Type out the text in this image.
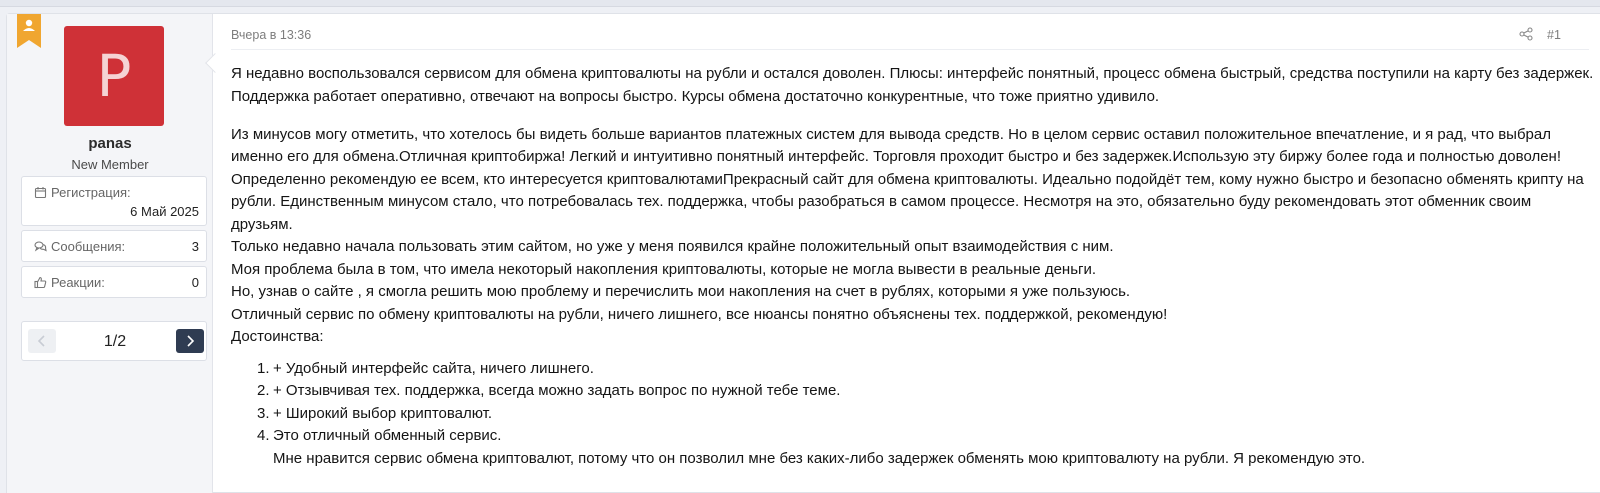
P
panas
New Member
Регистрация:
6 Май 2025
Сообщения:	3
Реакции:	0
1/2
Вчера в 13:36	#1

Я недавно воспользовался сервисом для обмена криптовалюты на рубли и остался доволен. Плюсы: интерфейс понятный, процесс обмена быстрый, средства поступили на карту без задержек. Поддержка работает оперативно, отвечают на вопросы быстро. Курсы обмена достаточно конкурентные, что тоже приятно удивило.

Из минусов могу отметить, что хотелось бы видеть больше вариантов платежных систем для вывода средств. Но в целом сервис оставил положительное впечатление, и я рад, что выбрал именно его для обмена.Отличная криптобиржа! Легкий и интуитивно понятный интерфейс. Торговля проходит быстро и без задержек.Использую эту биржу более года и полностью доволен! Определенно рекомендую ее всем, кто интересуется криптовалютамиПрекрасный сайт для обмена криптовалюты. Идеально подойдёт тем, кому нужно быстро и безопасно обменять крипту на рубли. Единственным минусом стало, что потребовалась тех. поддержка, чтобы разобраться в самом процессе. Несмотря на это, обязательно буду рекомендовать этот обменник своим друзьям.

Только недавно начала пользовать этим сайтом, но уже у меня появился крайне положительный опыт взаимодействия с ним.

Моя проблема была в том, что имела некоторый накопления криптовалюты, которые не могла вывести в реальные деньги.

Но, узнав о сайте , я смогла решить мою проблему и перечислить мои накопления на счет в рублях, которыми я уже пользуюсь.

Отличный сервис по обмену криптовалюты на рубли, ничего лишнего, все нюансы понятно объяснены тех. поддержкой, рекомендую!

Достоинства:

1. + Удобный интерфейс сайта, ничего лишнего.
2. + Отзывчивая тех. поддержка, всегда можно задать вопрос по нужной тебе теме.
3. + Широкий выбор криптовалют.
4. Это отличный обменный сервис.

Мне нравится сервис обмена криптовалют, потому что он позволил мне без каких-либо задержек обменять мою криптовалюту на рубли. Я рекомендую это.
